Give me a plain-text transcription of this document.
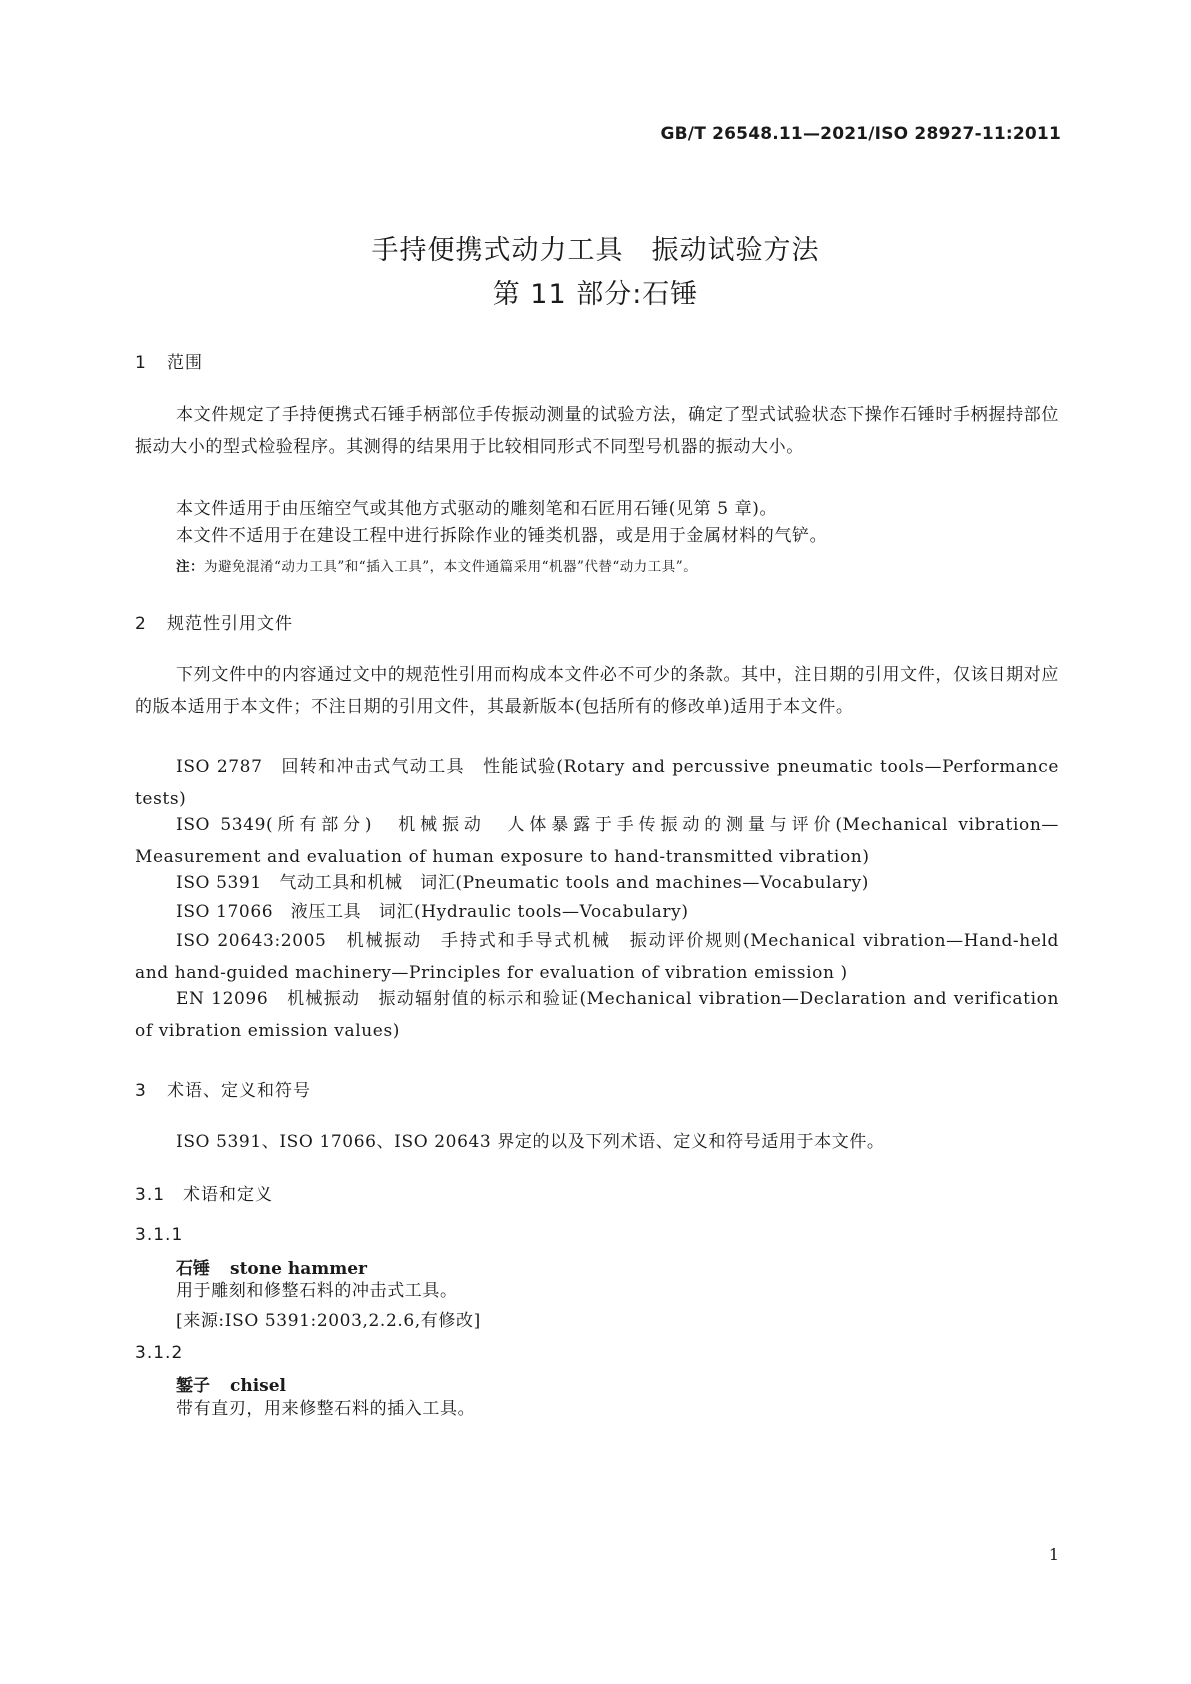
GB/T 26548.11—2021/ISO 28927-11:2011
手持便携式动力工具　振动试验方法
第 11 部分:石锤
1 范围

本文件规定了手持便携式石锤手柄部位手传振动测量的试验方法，确定了型式试验状态下操作石锤时手柄握持部位振动大小的型式检验程序。其测得的结果用于比较相同形式不同型号机器的振动大小。

本文件适用于由压缩空气或其他方式驱动的雕刻笔和石匠用石锤(见第 5 章)。

本文件不适用于在建设工程中进行拆除作业的锤类机器，或是用于金属材料的气铲。

注：为避免混淆“动力工具”和“插入工具”，本文件通篇采用“机器”代替“动力工具”。
2 规范性引用文件

下列文件中的内容通过文中的规范性引用而构成本文件必不可少的条款。其中，注日期的引用文件，仅该日期对应的版本适用于本文件；不注日期的引用文件，其最新版本(包括所有的修改单)适用于本文件。

ISO 2787　回转和冲击式气动工具　性能试验(Rotary and percussive pneumatic tools—Performance tests)

ISO 5349(所有部分)　机械振动　人体暴露于手传振动的测量与评价(Mechanical vibration—Measurement and evaluation of human exposure to hand-transmitted vibration)

ISO 5391　气动工具和机械　词汇(Pneumatic tools and machines—Vocabulary)

ISO 17066　液压工具　词汇(Hydraulic tools—Vocabulary)

ISO 20643:2005　机械振动　手持式和手导式机械　振动评价规则(Mechanical vibration—Hand-held and hand-guided machinery—Principles for evaluation of vibration emission )

EN 12096　机械振动　振动辐射值的标示和验证(Mechanical vibration—Declaration and verification of vibration emission values)

3 术语、定义和符号

ISO 5391、ISO 17066、ISO 20643 界定的以及下列术语、定义和符号适用于本文件。

3.1 术语和定义
3.1.1
石锤 stone hammer
用于雕刻和修整石料的冲击式工具。
[来源:ISO 5391:2003,2.2.6,有修改]
3.1.2
錾子 chisel
带有直刃，用来修整石料的插入工具。
1
